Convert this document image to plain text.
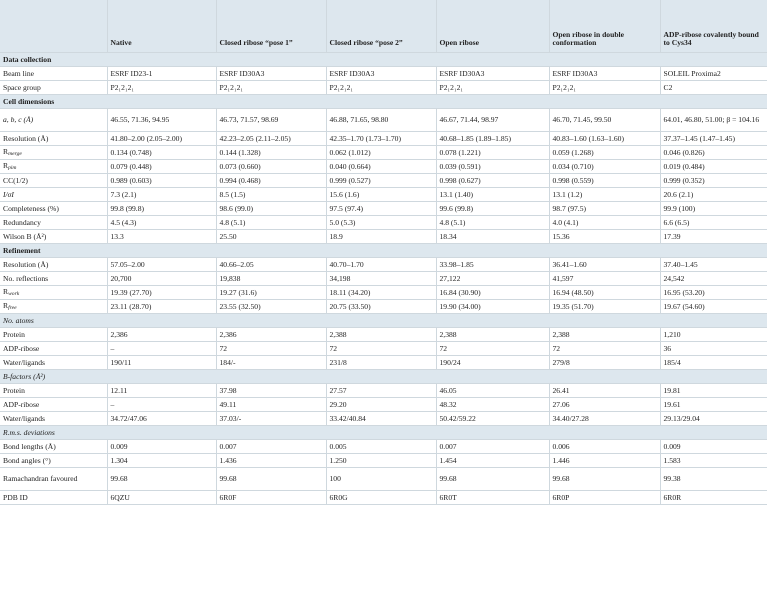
	Native	Closed ribose “pose 1”	Closed ribose “pose 2”	Open ribose	Open ribose in double conformation	ADP-ribose covalently bound to Cys34
Data collection						
Beam line	ESRF ID23-1	ESRF ID30A3	ESRF ID30A3	ESRF ID30A3	ESRF ID30A3	SOLEIL Proxima2
Space group	P2₁2₁2₁	P2₁2₁2₁	P2₁2₁2₁	P2₁2₁2₁	P2₁2₁2₁	C2
Cell dimensions						
a, b, c (Å)	46.55, 71.36, 94.95	46.73, 71.57, 98.69	46.88, 71.65, 98.80	46.67, 71.44, 98.97	46.70, 71.45, 99.50	64.01, 46.80, 51.00; β = 104.16
Resolution (Å)	41.80–2.00 (2.05–2.00)	42.23–2.05 (2.11–2.05)	42.35–1.70 (1.73–1.70)	40.68–1.85 (1.89–1.85)	40.83–1.60 (1.63–1.60)	37.37–1.45 (1.47–1.45)
Rmerge	0.134 (0.748)	0.144 (1.328)	0.062 (1.012)	0.078 (1.221)	0.059 (1.268)	0.046 (0.826)
Rpim	0.079 (0.448)	0.073 (0.660)	0.040 (0.664)	0.039 (0.591)	0.034 (0.710)	0.019 (0.484)
CC(1/2)	0.989 (0.603)	0.994 (0.468)	0.999 (0.527)	0.998 (0.627)	0.998 (0.559)	0.999 (0.352)
I/σI	7.3 (2.1)	8.5 (1.5)	15.6 (1.6)	13.1 (1.40)	13.1 (1.2)	20.6 (2.1)
Completeness (%)	99.8 (99.8)	98.6 (99.0)	97.5 (97.4)	99.6 (99.8)	98.7 (97.5)	99.9 (100)
Redundancy	4.5 (4.3)	4.8 (5.1)	5.0 (5.3)	4.8 (5.1)	4.0 (4.1)	6.6 (6.5)
Wilson B (Å²)	13.3	25.50	18.9	18.34	15.36	17.39
Refinement						
Resolution (Å)	57.05–2.00	40.66–2.05	40.70–1.70	33.98–1.85	36.41–1.60	37.40–1.45
No. reflections	20,700	19,838	34,198	27,122	41,597	24,542
Rwork	19.39 (27.70)	19.27 (31.6)	18.11 (34.20)	16.84 (30.90)	16.94 (48.50)	16.95 (53.20)
Rfree	23.11 (28.70)	23.55 (32.50)	20.75 (33.50)	19.90 (34.00)	19.35 (51.70)	19.67 (54.60)
No. atoms						
Protein	2,386	2,386	2,388	2,388	2,388	1,210
ADP-ribose	–	72	72	72	72	36
Water/ligands	190/11	184/-	231/8	190/24	279/8	185/4
B-factors (Å²)						
Protein	12.11	37.98	27.57	46.05	26.41	19.81
ADP-ribose	–	49.11	29.20	48.32	27.06	19.61
Water/ligands	34.72/47.06	37.03/-	33.42/40.84	50.42/59.22	34.40/27.28	29.13/29.04
R.m.s. deviations						
Bond lengths (Å)	0.009	0.007	0.005	0.007	0.006	0.009
Bond angles (°)	1.304	1.436	1.250	1.454	1.446	1.583
Ramachandran favoured	99.68	99.68	100	99.68	99.68	99.38
PDB ID	6QZU	6R0F	6R0G	6R0T	6R0P	6R0R
